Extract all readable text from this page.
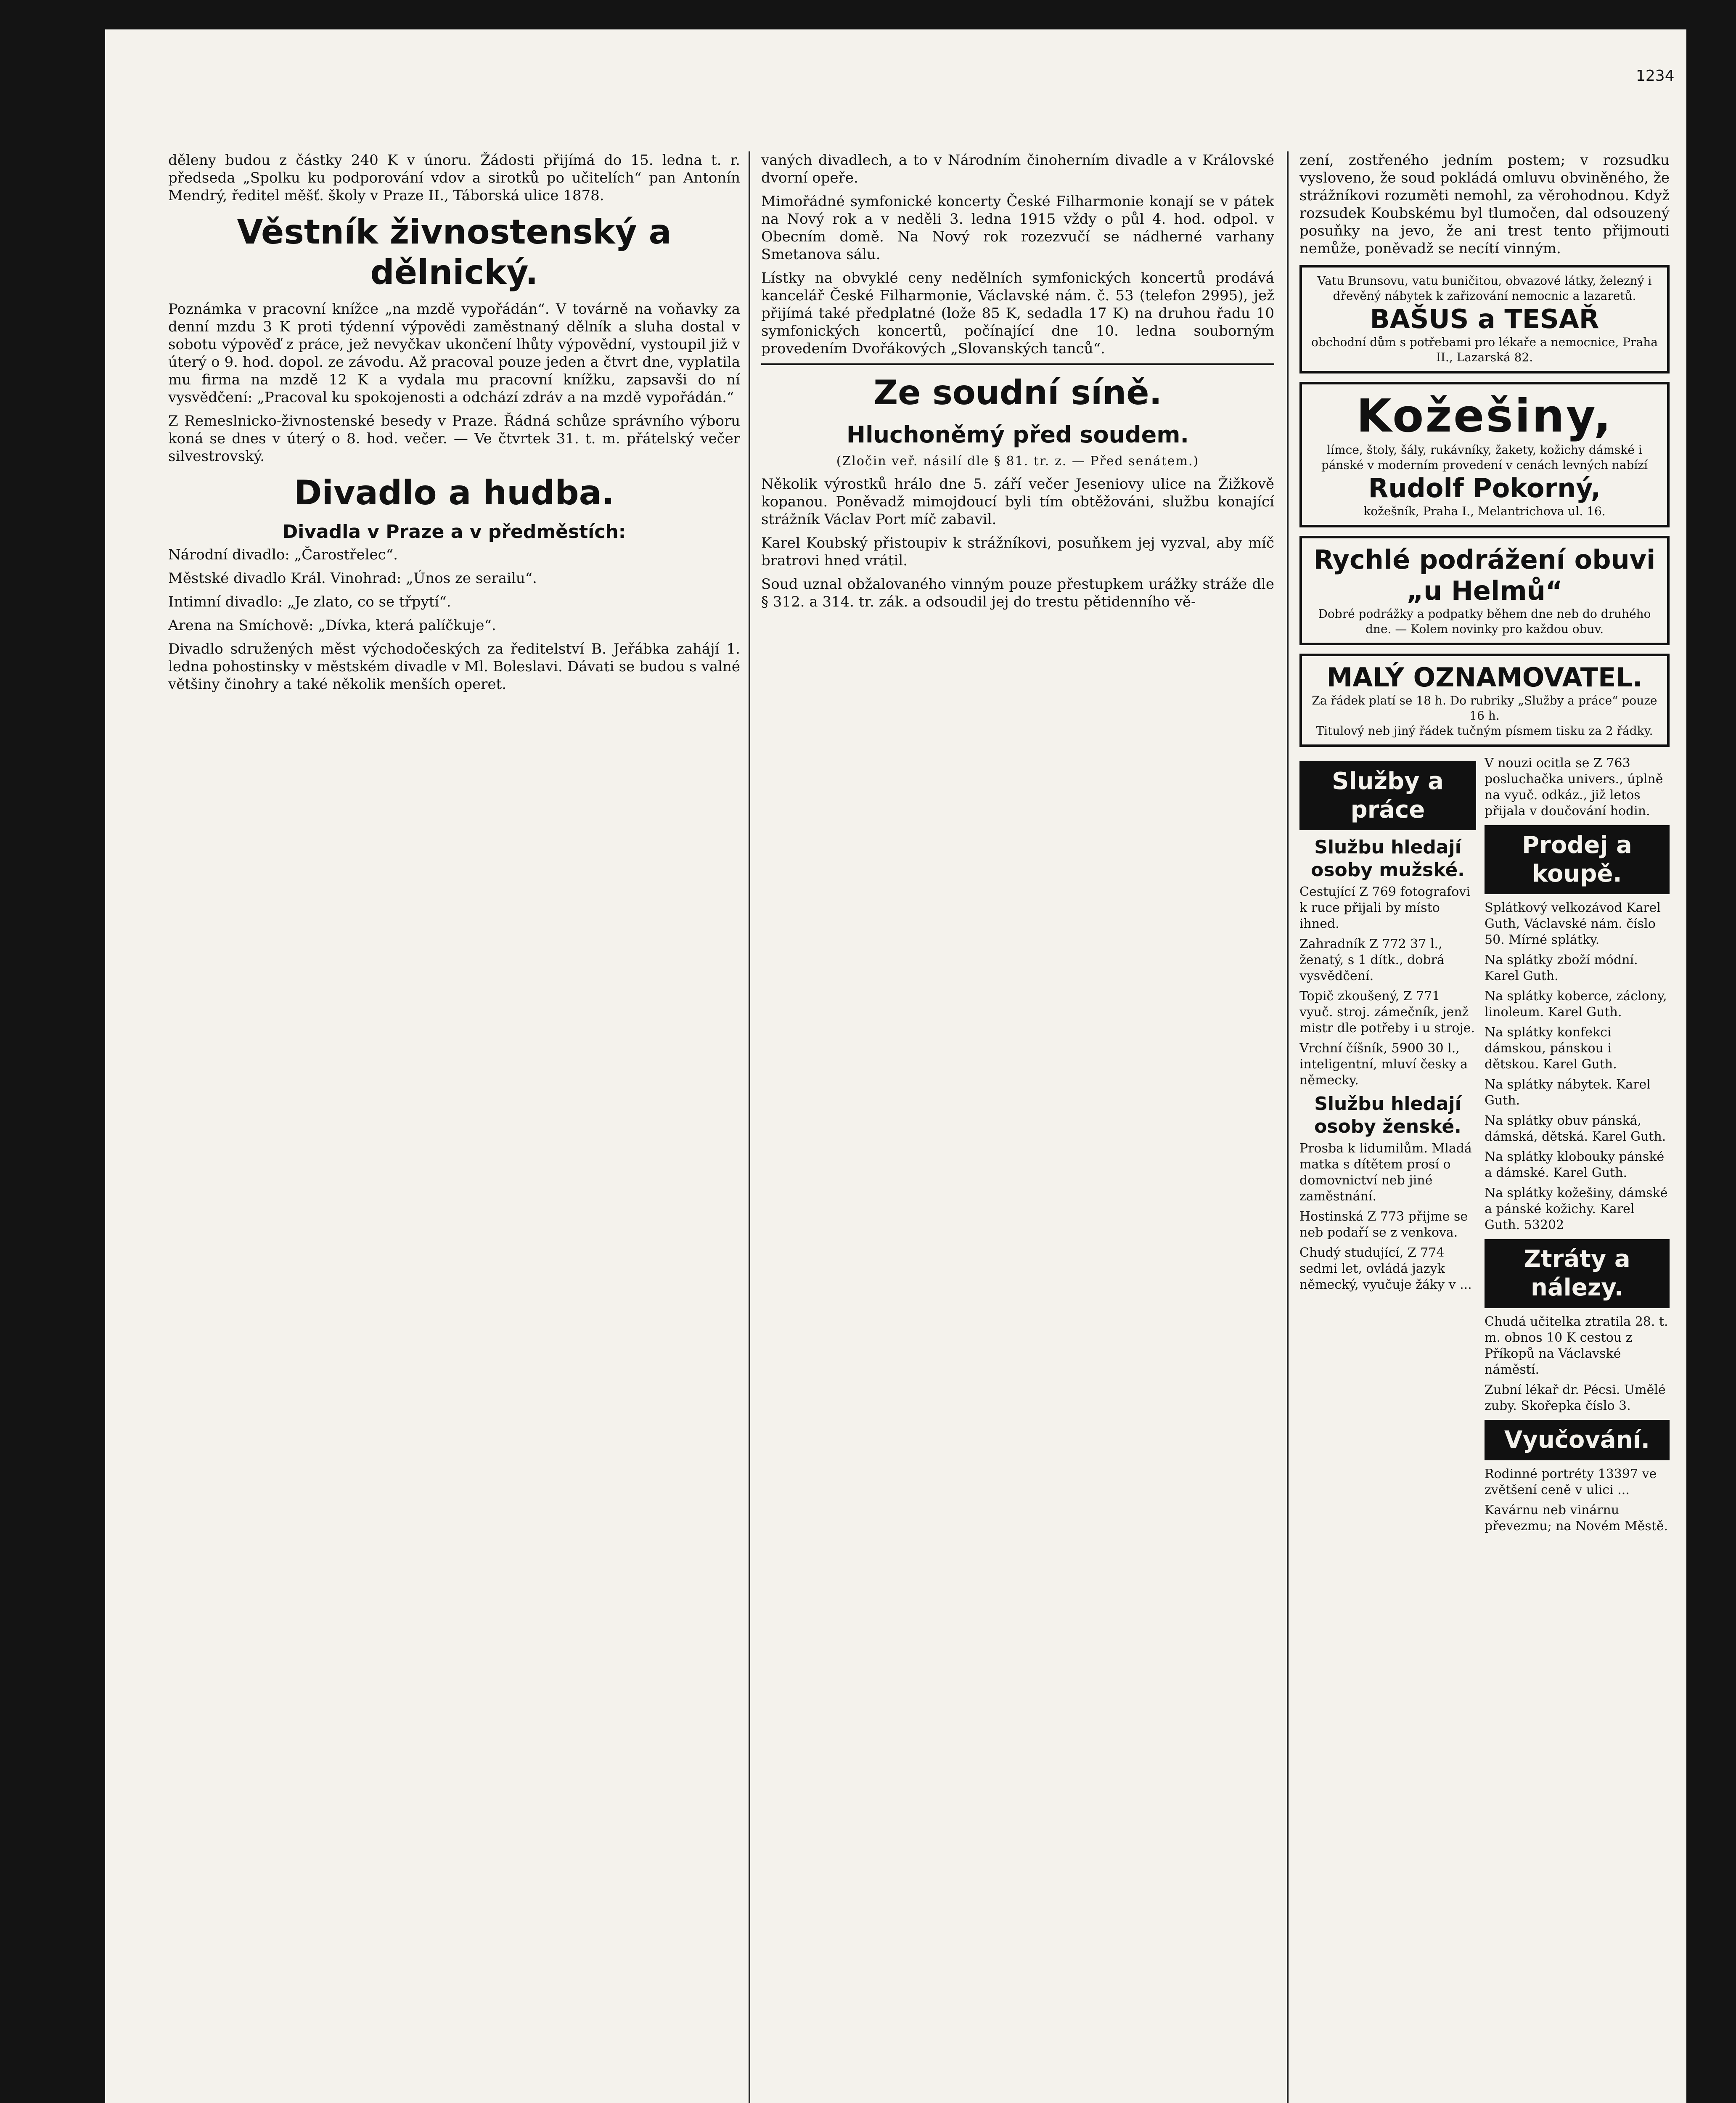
1234

děleny budou z částky 240 K v únoru. Žádosti přijímá do 15. ledna t. r. předseda „Spolku ku podporování vdov a sirotků po učitelích“ pan Antonín Mendrý, ředitel měšť. školy v Praze II., Táborská ulice 1878.

Věstník živnostenský a dělnický.

Poznámka v pracovní knížce „na mzdě vypořádán“. V továrně na voňavky za denní mzdu 3 K proti týdenní výpovědi zaměstnaný dělník a sluha dostal v sobotu výpověď z práce, jež nevyčkav ukončení lhůty výpovědní, vystoupil již v úterý o 9. hod. dopol. ze závodu. Až pracoval pouze jeden a čtvrt dne, vyplatila mu firma na mzdě 12 K a vydala mu pracovní knížku, zapsavši do ní vysvědčení: „Pracoval ku spokojenosti a odchází zdráv a na mzdě vypořádán.“

Z Remeslnicko-živnostenské besedy v Praze. Řádná schůze správního výboru koná se dnes v úterý o 8. hod. večer. — Ve čtvrtek 31. t. m. přátelský večer silvestrovský.

Divadlo a hudba.
Divadla v Praze a v předměstích:

Národní divadlo: „Čarostřelec“.

Městské divadlo Král. Vinohrad: „Únos ze serailu“.

Intimní divadlo: „Je zlato, co se třpytí“.

Arena na Smíchově: „Dívka, která palíčkuje“.

Divadlo sdružených měst východočeských za ředitelství B. Jeřábka zahájí 1. ledna pohostinsky v městském divadle v Ml. Boleslavi. Dávati se budou s valné většiny činohry a také několik menších operet.

vaných divadlech, a to v Národním činoherním divadle a v Královské dvorní opeře.

Mimořádné symfonické koncerty České Filharmonie konají se v pátek na Nový rok a v neděli 3. ledna 1915 vždy o půl 4. hod. odpol. v Obecním domě. Na Nový rok rozezvučí se nádherné varhany Smetanova sálu.

Lístky na obvyklé ceny nedělních symfonických koncertů prodává kancelář České Filharmonie, Václavské nám. č. 53 (telefon 2995), jež přijímá také předplatné (lože 85 K, sedadla 17 K) na druhou řadu 10 symfonických koncertů, počínající dne 10. ledna souborným provedením Dvořákových „Slovanských tanců“.

Ze soudní síně.
Hluchoněmý před soudem.
(Zločin veř. násilí dle § 81. tr. z. — Před senátem.)

Několik výrostků hrálo dne 5. září večer Jeseniovy ulice na Žižkově kopanou. Poněvadž mimojdoucí byli tím obtěžováni, službu konající strážník Václav Port míč zabavil.

Karel Koubský přistoupiv k strážníkovi, posuňkem jej vyzval, aby míč bratrovi hned vrátil.

Soud uznal obžalovaného vinným pouze přestupkem urážky stráže dle § 312. a 314. tr. zák. a odsoudil jej do trestu pětidenního vě-

zení, zostřeného jedním postem; v rozsudku vysloveno, že soud pokládá omluvu obviněného, že strážníkovi rozuměti nemohl, za věrohodnou. Když rozsudek Koubskému byl tlumočen, dal odsouzený posuňky na jevo, že ani trest tento přijmouti nemůže, poněvadž se necítí vinným.

Vatu Brunsovu, vatu buničitou, obvazové látky, železný i dřevěný nábytek k zařizování nemocnic a lazaretů.
BAŠUS a TESAŘ
obchodní dům s potřebami pro lékaře a nemocnice, Praha II., Lazarská 82.
Kožešiny,
límce, štoly, šály, rukávníky, žakety, kožichy dámské i pánské v moderním provedení v cenách levných nabízí
Rudolf Pokorný,
kožešník, Praha I., Melantrichova ul. 16.
Rychlé podrážení obuvi
„u Helmů“
Dobré podrážky a podpatky během dne neb do druhého dne. — Kolem novinky pro každou obuv.
MALÝ OZNAMOVATEL.
Za řádek platí se 18 h. Do rubriky „Služby a práce“ pouze 16 h.
Titulový neb jiný řádek tučným písmem tisku za 2 řádky.
Služby a práce
Službu hledají osoby mužské.

Cestující Z 769 fotografovi k ruce přijali by místo ihned.

Zahradník Z 772 37 l., ženatý, s 1 dítk., dobrá vysvědčení.

Topič zkoušený, Z 771 vyuč. stroj. zámečník, jenž mistr dle potřeby i u stroje.

Vrchní číšník, 5900 30 l., inteligentní, mluví česky a německy.

Službu hledají osoby ženské.

Prosba k lidumilům. Mladá matka s dítětem prosí o domovnictví neb jiné zaměstnání.

Hostinská Z 773 přijme se neb podaří se z venkova.

Chudý studující, Z 774 sedmi let, ovládá jazyk německý, vyučuje žáky v ...

V nouzi ocitla se Z 763 posluchačka univers., úplně na vyuč. odkáz., již letos přijala v doučování hodin.

Prodej a koupě.

Splátkový velkozávod Karel Guth, Václavské nám. číslo 50. Mírné splátky.

Na splátky zboží módní. Karel Guth.

Na splátky koberce, záclony, linoleum. Karel Guth.

Na splátky konfekci dámskou, pánskou i dětskou. Karel Guth.

Na splátky nábytek. Karel Guth.

Na splátky obuv pánská, dámská, dětská. Karel Guth.

Na splátky klobouky pánské a dámské. Karel Guth.

Na splátky kožešiny, dámské a pánské kožichy. Karel Guth. 53202

Ztráty a nálezy.

Chudá učitelka ztratila 28. t. m. obnos 10 K cestou z Příkopů na Václavské náměstí.

Zubní lékař dr. Pécsi. Umělé zuby. Skořepka číslo 3.

Vyučování.

Rodinné portréty 13397 ve zvětšení ceně v ulici ...

Kavárnu neb vinárnu převezmu; na Novém Městě.
